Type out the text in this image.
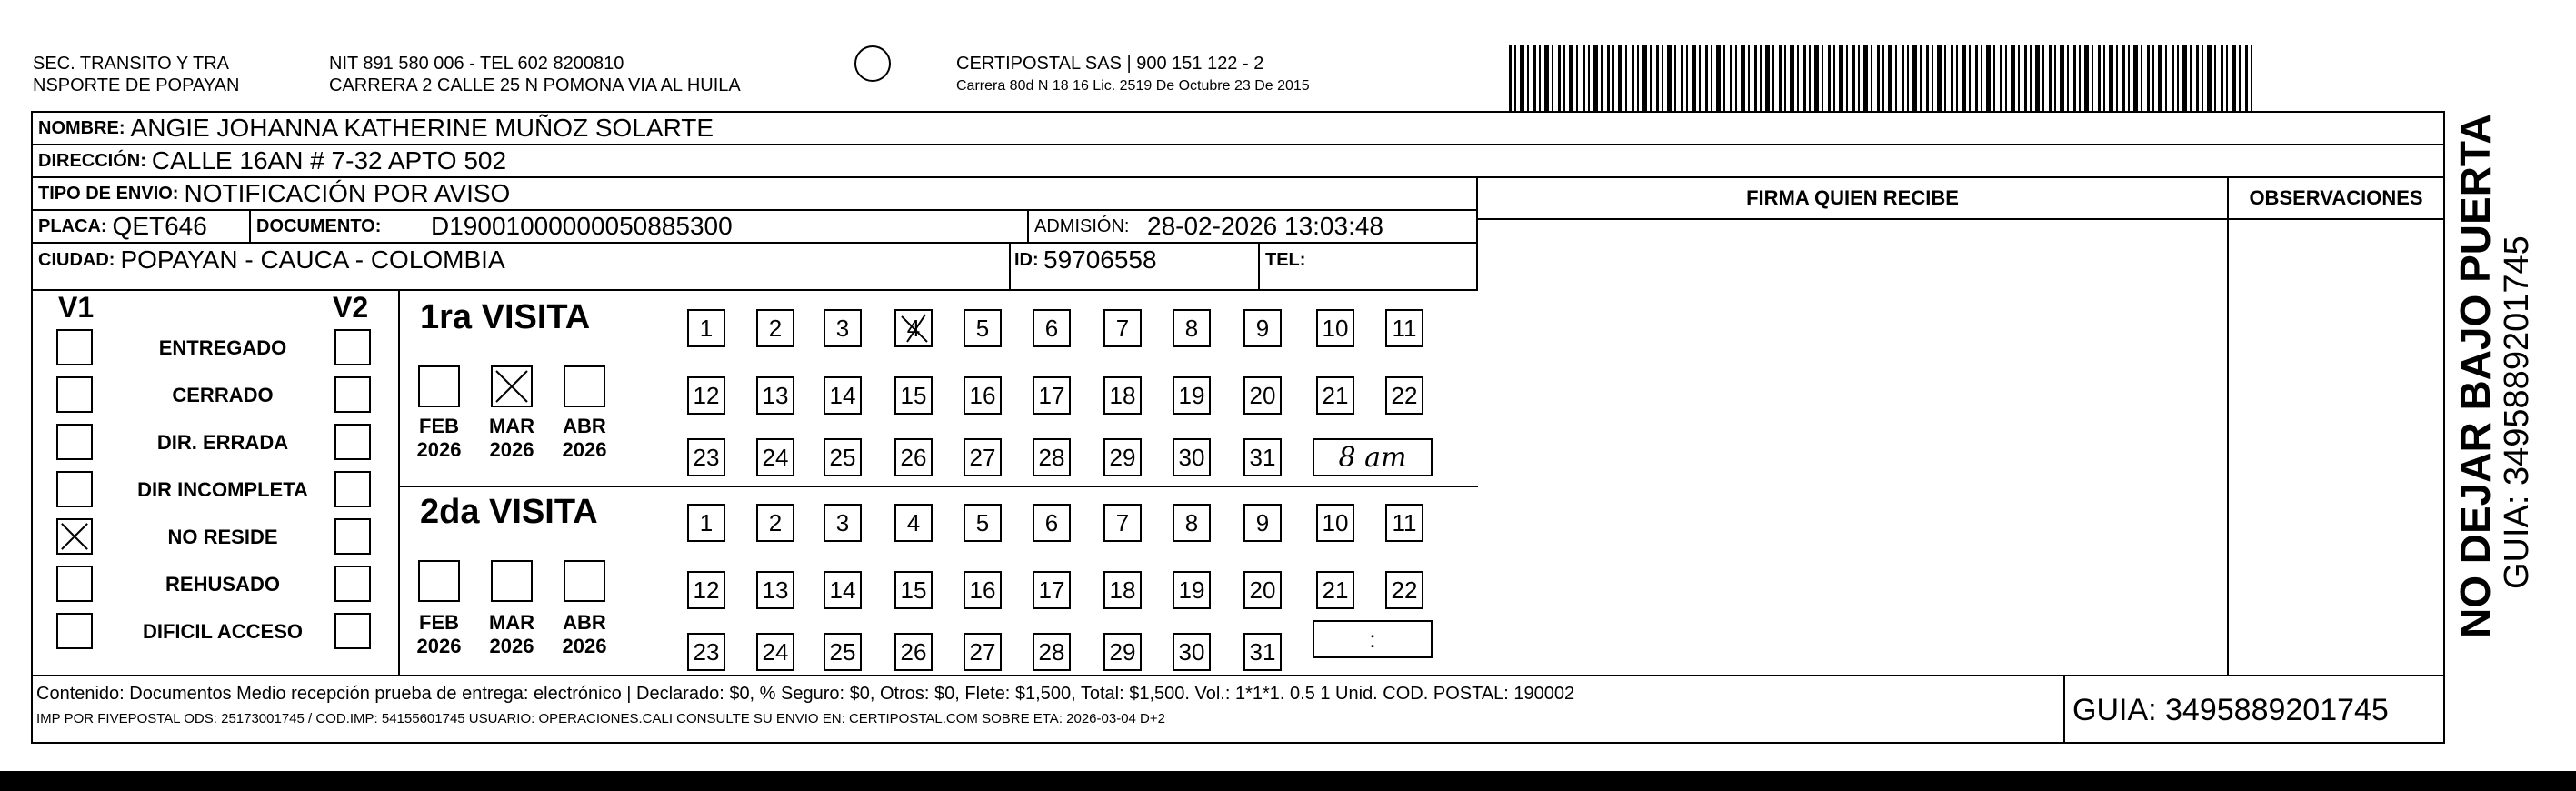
SEC. TRANSITO Y TRA
NSPORTE DE POPAYAN
NIT 891 580 006 - TEL 602 8200810
CARRERA 2 CALLE 25 N POMONA VIA AL HUILA
CERTIPOSTAL SAS | 900 151 122 - 2
Carrera 80d N 18 16 Lic. 2519 De Octubre 23 De 2015
NOMBRE: ANGIE JOHANNA KATHERINE MUÑOZ SOLARTE
DIRECCIÓN: CALLE 16AN # 7-32 APTO 502
TIPO DE ENVIO: NOTIFICACIÓN POR AVISO
PLACA: QET646	DOCUMENTO: D19001000000050885300	ADMISIÓN: 28-02-2026 13:03:48
CIUDAD: POPAYAN - CAUCA - COLOMBIA	ID: 59706558	TEL:
FIRMA QUIEN RECIBE	OBSERVACIONES
V1	V2
ENTREGADO
CERRADO
DIR. ERRADA
DIR INCOMPLETA
NO RESIDE
REHUSADO
DIFICIL ACCESO
1ra VISITA
FEB
2026
MAR
2026
ABR
2026
1	2	3	4	5	6	7	8	9	10 11
12 13 14 15 16 17 18 19 20 21 22
23 24 25 26 27 28 29 30 31	8 am
2da VISITA
FEB
2026
MAR
2026
ABR
2026
1	2	3	4	5	6	7	8	9	10 11
12 13 14 15 16 17 18 19 20 21 22
23 24 25 26 27 28 29 30 31	:
Contenido: Documentos Medio recepción prueba de entrega: electrónico | Declarado: $0, % Seguro: $0, Otros: $0, Flete: $1,500, Total: $1,500. Vol.: 1*1*1. 0.5 1 Unid. COD. POSTAL: 190002
IMP POR FIVEPOSTAL ODS: 25173001745 / COD.IMP: 54155601745 USUARIO: OPERACIONES.CALI CONSULTE SU ENVIO EN: CERTIPOSTAL.COM SOBRE ETA: 2026-03-04 D+2	GUIA: 3495889201745
NO DEJAR BAJO PUERTA GUIA: 3495889201745
